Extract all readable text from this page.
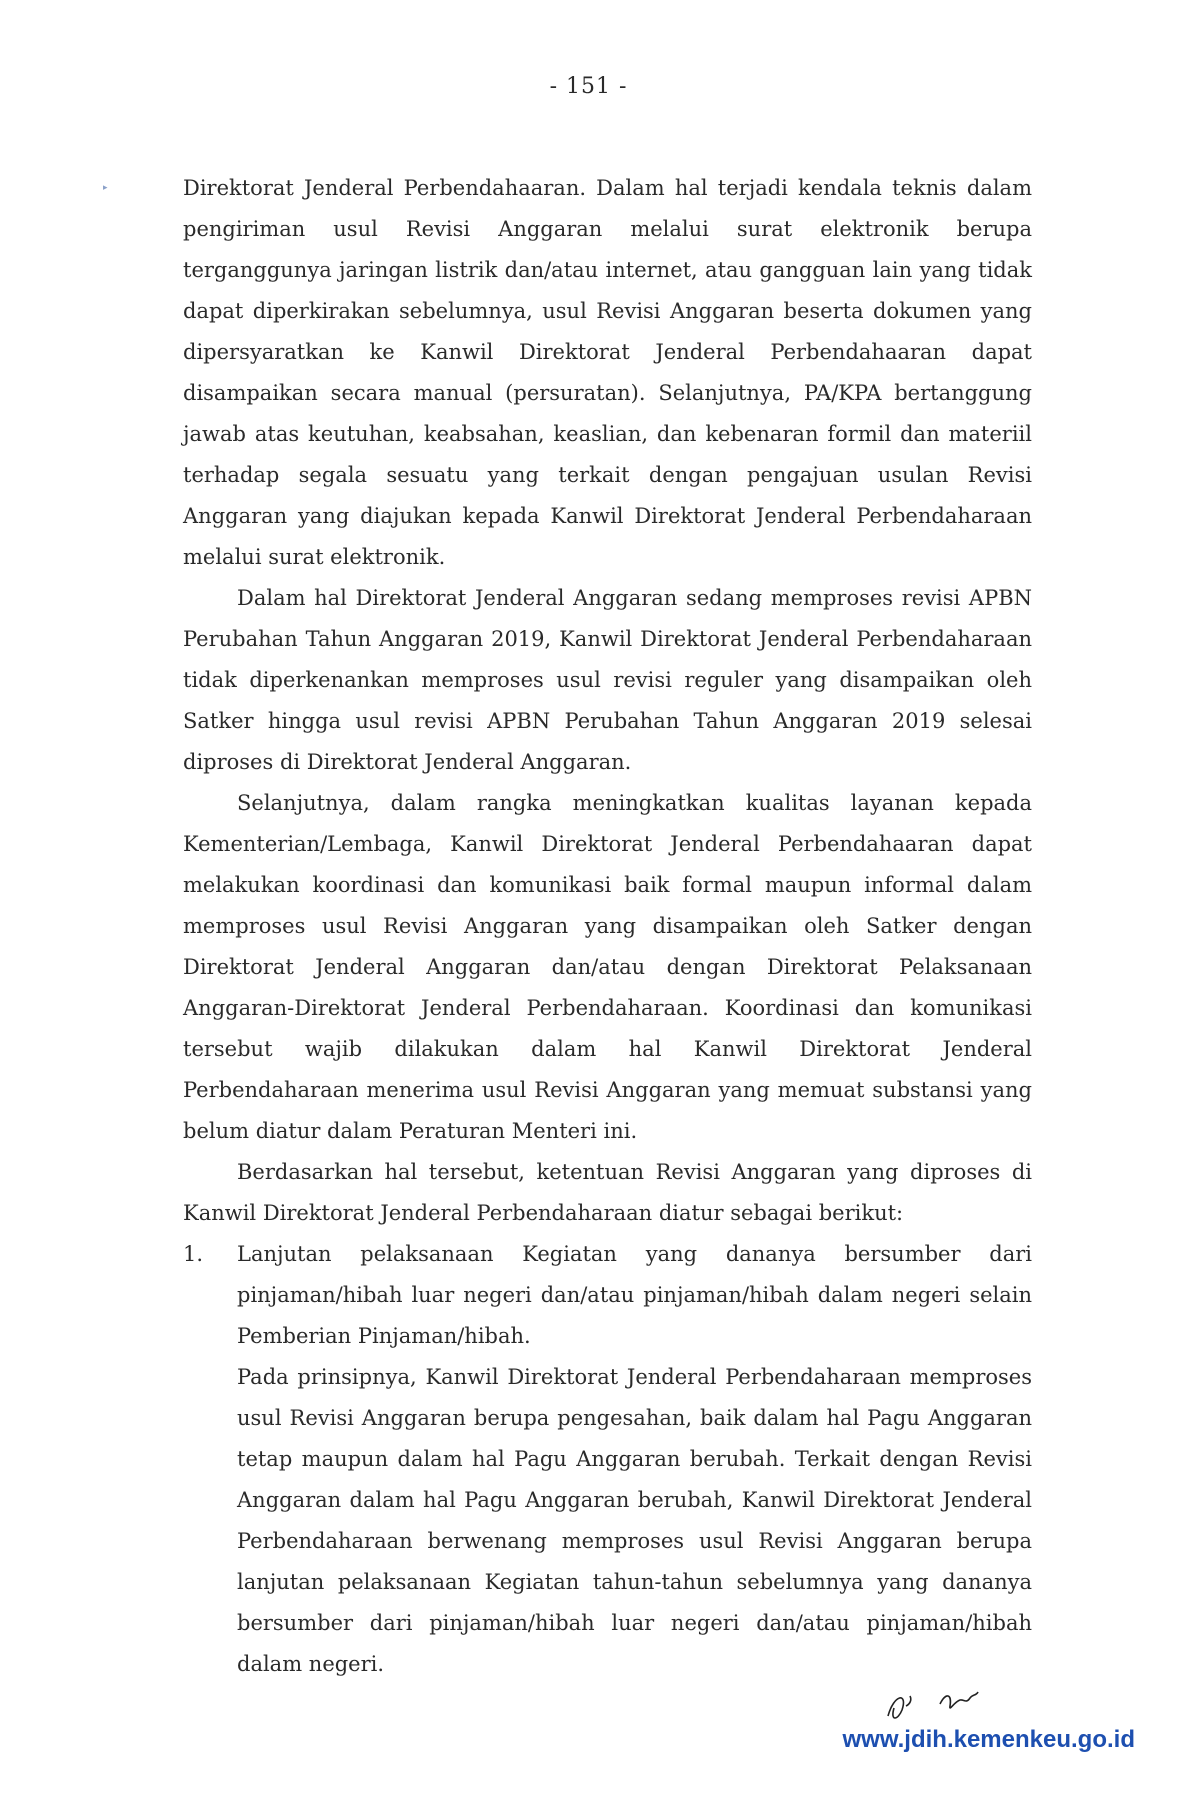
- 151 -
▸	Direktorat Jenderal Perbendahaaran. Dalam hal terjadi kendala teknis dalam pengiriman usul Revisi Anggaran melalui surat elektronik berupa terganggunya jaringan listrik dan/atau internet, atau gangguan lain yang tidak dapat diperkirakan sebelumnya, usul Revisi Anggaran beserta dokumen yang dipersyaratkan ke Kanwil Direktorat Jenderal Perbendahaaran dapat disampaikan secara manual (persuratan). Selanjutnya, PA/KPA bertanggung jawab atas keutuhan, keabsahan, keaslian, dan kebenaran formil dan materiil terhadap segala sesuatu yang terkait dengan pengajuan usulan Revisi Anggaran yang diajukan kepada Kanwil Direktorat Jenderal Perbendaharaan melalui surat elektronik.

Dalam hal Direktorat Jenderal Anggaran sedang memproses revisi APBN Perubahan Tahun Anggaran 2019, Kanwil Direktorat Jenderal Perbendaharaan tidak diperkenankan memproses usul revisi reguler yang disampaikan oleh Satker hingga usul revisi APBN Perubahan Tahun Anggaran 2019 selesai diproses di Direktorat Jenderal Anggaran.

Selanjutnya, dalam rangka meningkatkan kualitas layanan kepada Kementerian/Lembaga, Kanwil Direktorat Jenderal Perbendahaaran dapat melakukan koordinasi dan komunikasi baik formal maupun informal dalam memproses usul Revisi Anggaran yang disampaikan oleh Satker dengan Direktorat Jenderal Anggaran dan/atau dengan Direktorat Pelaksanaan Anggaran-Direktorat Jenderal Perbendaharaan. Koordinasi dan komunikasi tersebut wajib dilakukan dalam hal Kanwil Direktorat Jenderal Perbendaharaan menerima usul Revisi Anggaran yang memuat substansi yang belum diatur dalam Peraturan Menteri ini.

Berdasarkan hal tersebut, ketentuan Revisi Anggaran yang diproses di Kanwil Direktorat Jenderal Perbendaharaan diatur sebagai berikut:

1. Lanjutan pelaksanaan Kegiatan yang dananya bersumber dari pinjaman/hibah luar negeri dan/atau pinjaman/hibah dalam negeri selain Pemberian Pinjaman/hibah.
Pada prinsipnya, Kanwil Direktorat Jenderal Perbendaharaan memproses usul Revisi Anggaran berupa pengesahan, baik dalam hal Pagu Anggaran tetap maupun dalam hal Pagu Anggaran berubah. Terkait dengan Revisi Anggaran dalam hal Pagu Anggaran berubah, Kanwil Direktorat Jenderal Perbendaharaan berwenang memproses usul Revisi Anggaran berupa lanjutan pelaksanaan Kegiatan tahun-tahun sebelumnya yang dananya bersumber dari pinjaman/hibah luar negeri dan/atau pinjaman/hibah dalam negeri.
www.jdih.kemenkeu.go.id
